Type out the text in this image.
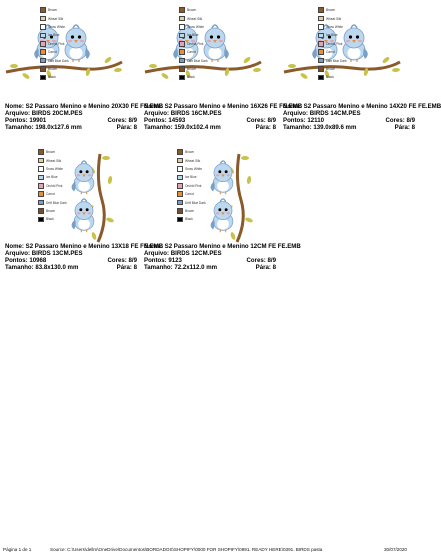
Brown
Wheat Silk
Snow White
Ice Blue
Orchid Pink
Carrot
Drift Blue Dark
Brown
Black
Nome: S2 Passaro Menino e Menino 20X30 FE FE.EMB
Arquivo: BIRDS 20CM.PES
Pontos: 19901	Cores: 8/9
Tamanho: 198.0x127.6 mm	Pára: 8
Brown
Wheat Silk
Snow White
Ice Blue
Orchid Pink
Carrot
Drift Blue Dark
Brown
Black
Nome: S2 Passaro Menino e Menino 16X26 FE FE.EMB
Arquivo: BIRDS 16CM.PES
Pontos: 14593	Cores: 8/9
Tamanho: 159.0x102.4 mm	Pára: 8
Brown
Wheat Silk
Snow White
Ice Blue
Orchid Pink
Carrot
Drift Blue Dark
Brown
Black
Nome: S2 Passaro Menino e Menino 14X20 FE FE.EMB
Arquivo: BIRDS 14CM.PES
Pontos: 12110	Cores: 8/9
Tamanho: 139.0x89.6 mm	Pára: 8
Brown
Wheat Silk
Snow White
Ice Blue
Orchid Pink
Carrot
Drift Blue Dark
Brown
Black
Nome: S2 Passaro Menino e Menino 13X18 FE FE.EMB
Arquivo: BIRDS 13CM.PES
Pontos: 10968	Cores: 8/9
Tamanho: 83.8x130.0 mm	Pára: 8
Brown
Wheat Silk
Snow White
Ice Blue
Orchid Pink
Carrot
Drift Blue Dark
Brown
Black
Nome: S2 Passaro Menino e Menino 12CM FE FE.EMB
Arquivo: BIRDS 12CM.PES
Pontos: 9123	Cores: 8/9
Tamanho: 72.2x112.0 mm	Pára: 8
Página 1 de 1	Source: C:\Users\dellm\OneDrive\Documentos\BORDADOS\SHOPIFY\0000 FOR SHOPIFY\0991. READY HERE\0391. BIRDS pasta	30/07/2020
